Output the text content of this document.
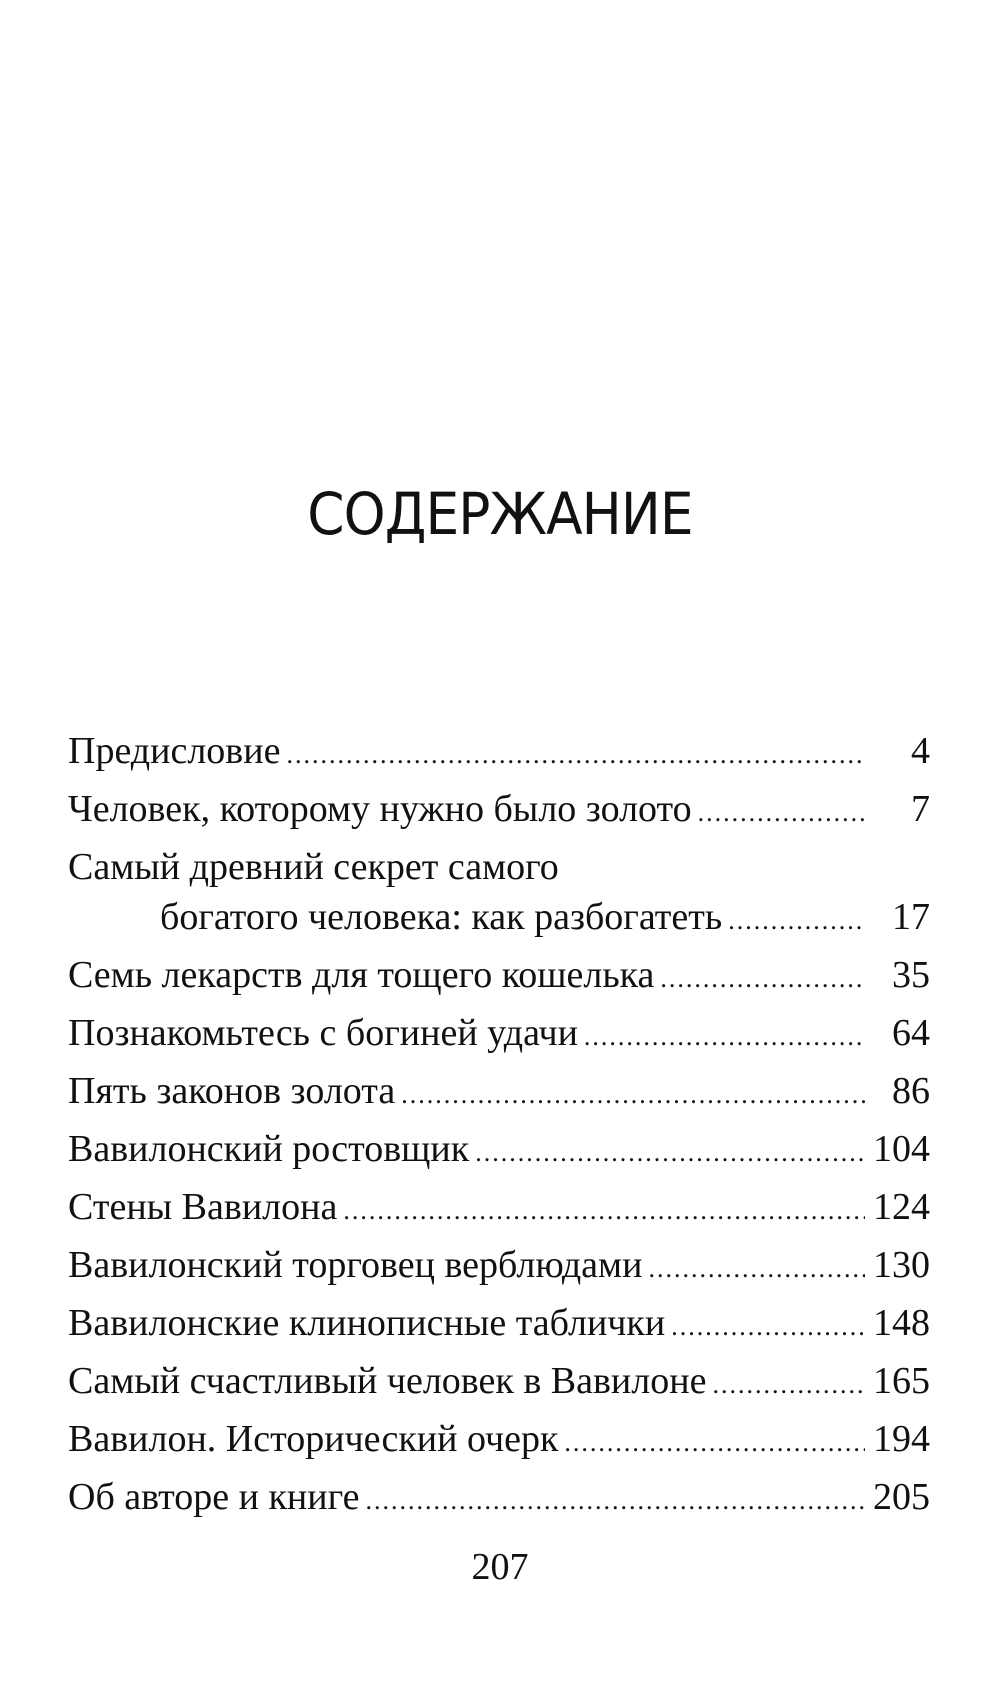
СОДЕРЖАНИЕ
Предисловие .....	4
Человек, которому нужно было золото .....	7
Самый древний секрет самого
богатого человека: как разбогатеть .....	17
Семь лекарств для тощего кошелька .....	35
Познакомьтесь с богиней удачи .....	64
Пять законов золота .....	86
Вавилонский ростовщик .....	104
Стены Вавилона .....	124
Вавилонский торговец верблюдами .....	130
Вавилонские клинописные таблички .....	148
Самый счастливый человек в Вавилоне .....	165
Вавилон. Исторический очерк .....	194
Об авторе и книге .....	205
207
